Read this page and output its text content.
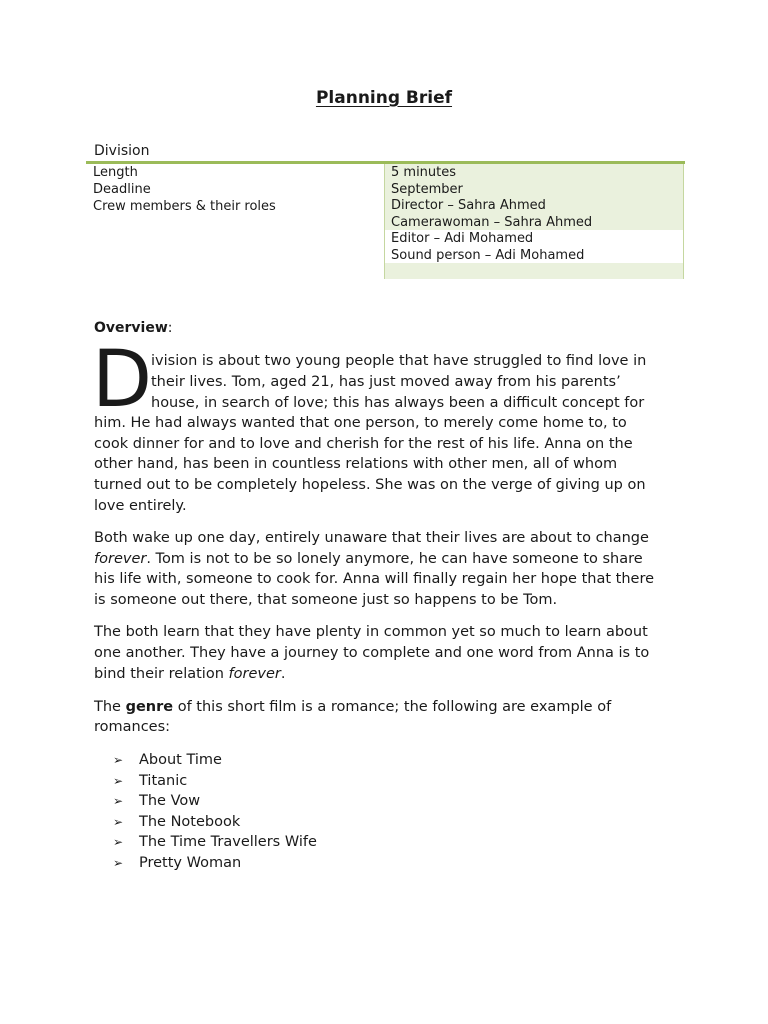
Planning Brief
Division
Length
Deadline
Crew members & their roles
5 minutes
September
Director – Sahra Ahmed
Camerawoman – Sahra Ahmed
Editor – Adi Mohamed
Sound person – Adi Mohamed
Overview:
D
ivision is about two young people that have struggled to find love in
their lives. Tom, aged 21, has just moved away from his parents’
house, in search of love; this has always been a difficult concept for
him. He had always wanted that one person, to merely come home to, to
cook dinner for and to love and cherish for the rest of his life. Anna on the
other hand, has been in countless relations with other men, all of whom
turned out to be completely hopeless. She was on the verge of giving up on
love entirely.
Both wake up one day, entirely unaware that their lives are about to change
forever. Tom is not to be so lonely anymore, he can have someone to share
his life with, someone to cook for. Anna will finally regain her hope that there
is someone out there, that someone just so happens to be Tom.
The both learn that they have plenty in common yet so much to learn about
one another. They have a journey to complete and one word from Anna is to
bind their relation forever.
The genre of this short film is a romance; the following are example of
romances:
➢ About Time
➢ Titanic
➢ The Vow
➢ The Notebook
➢ The Time Travellers Wife
➢ Pretty Woman
